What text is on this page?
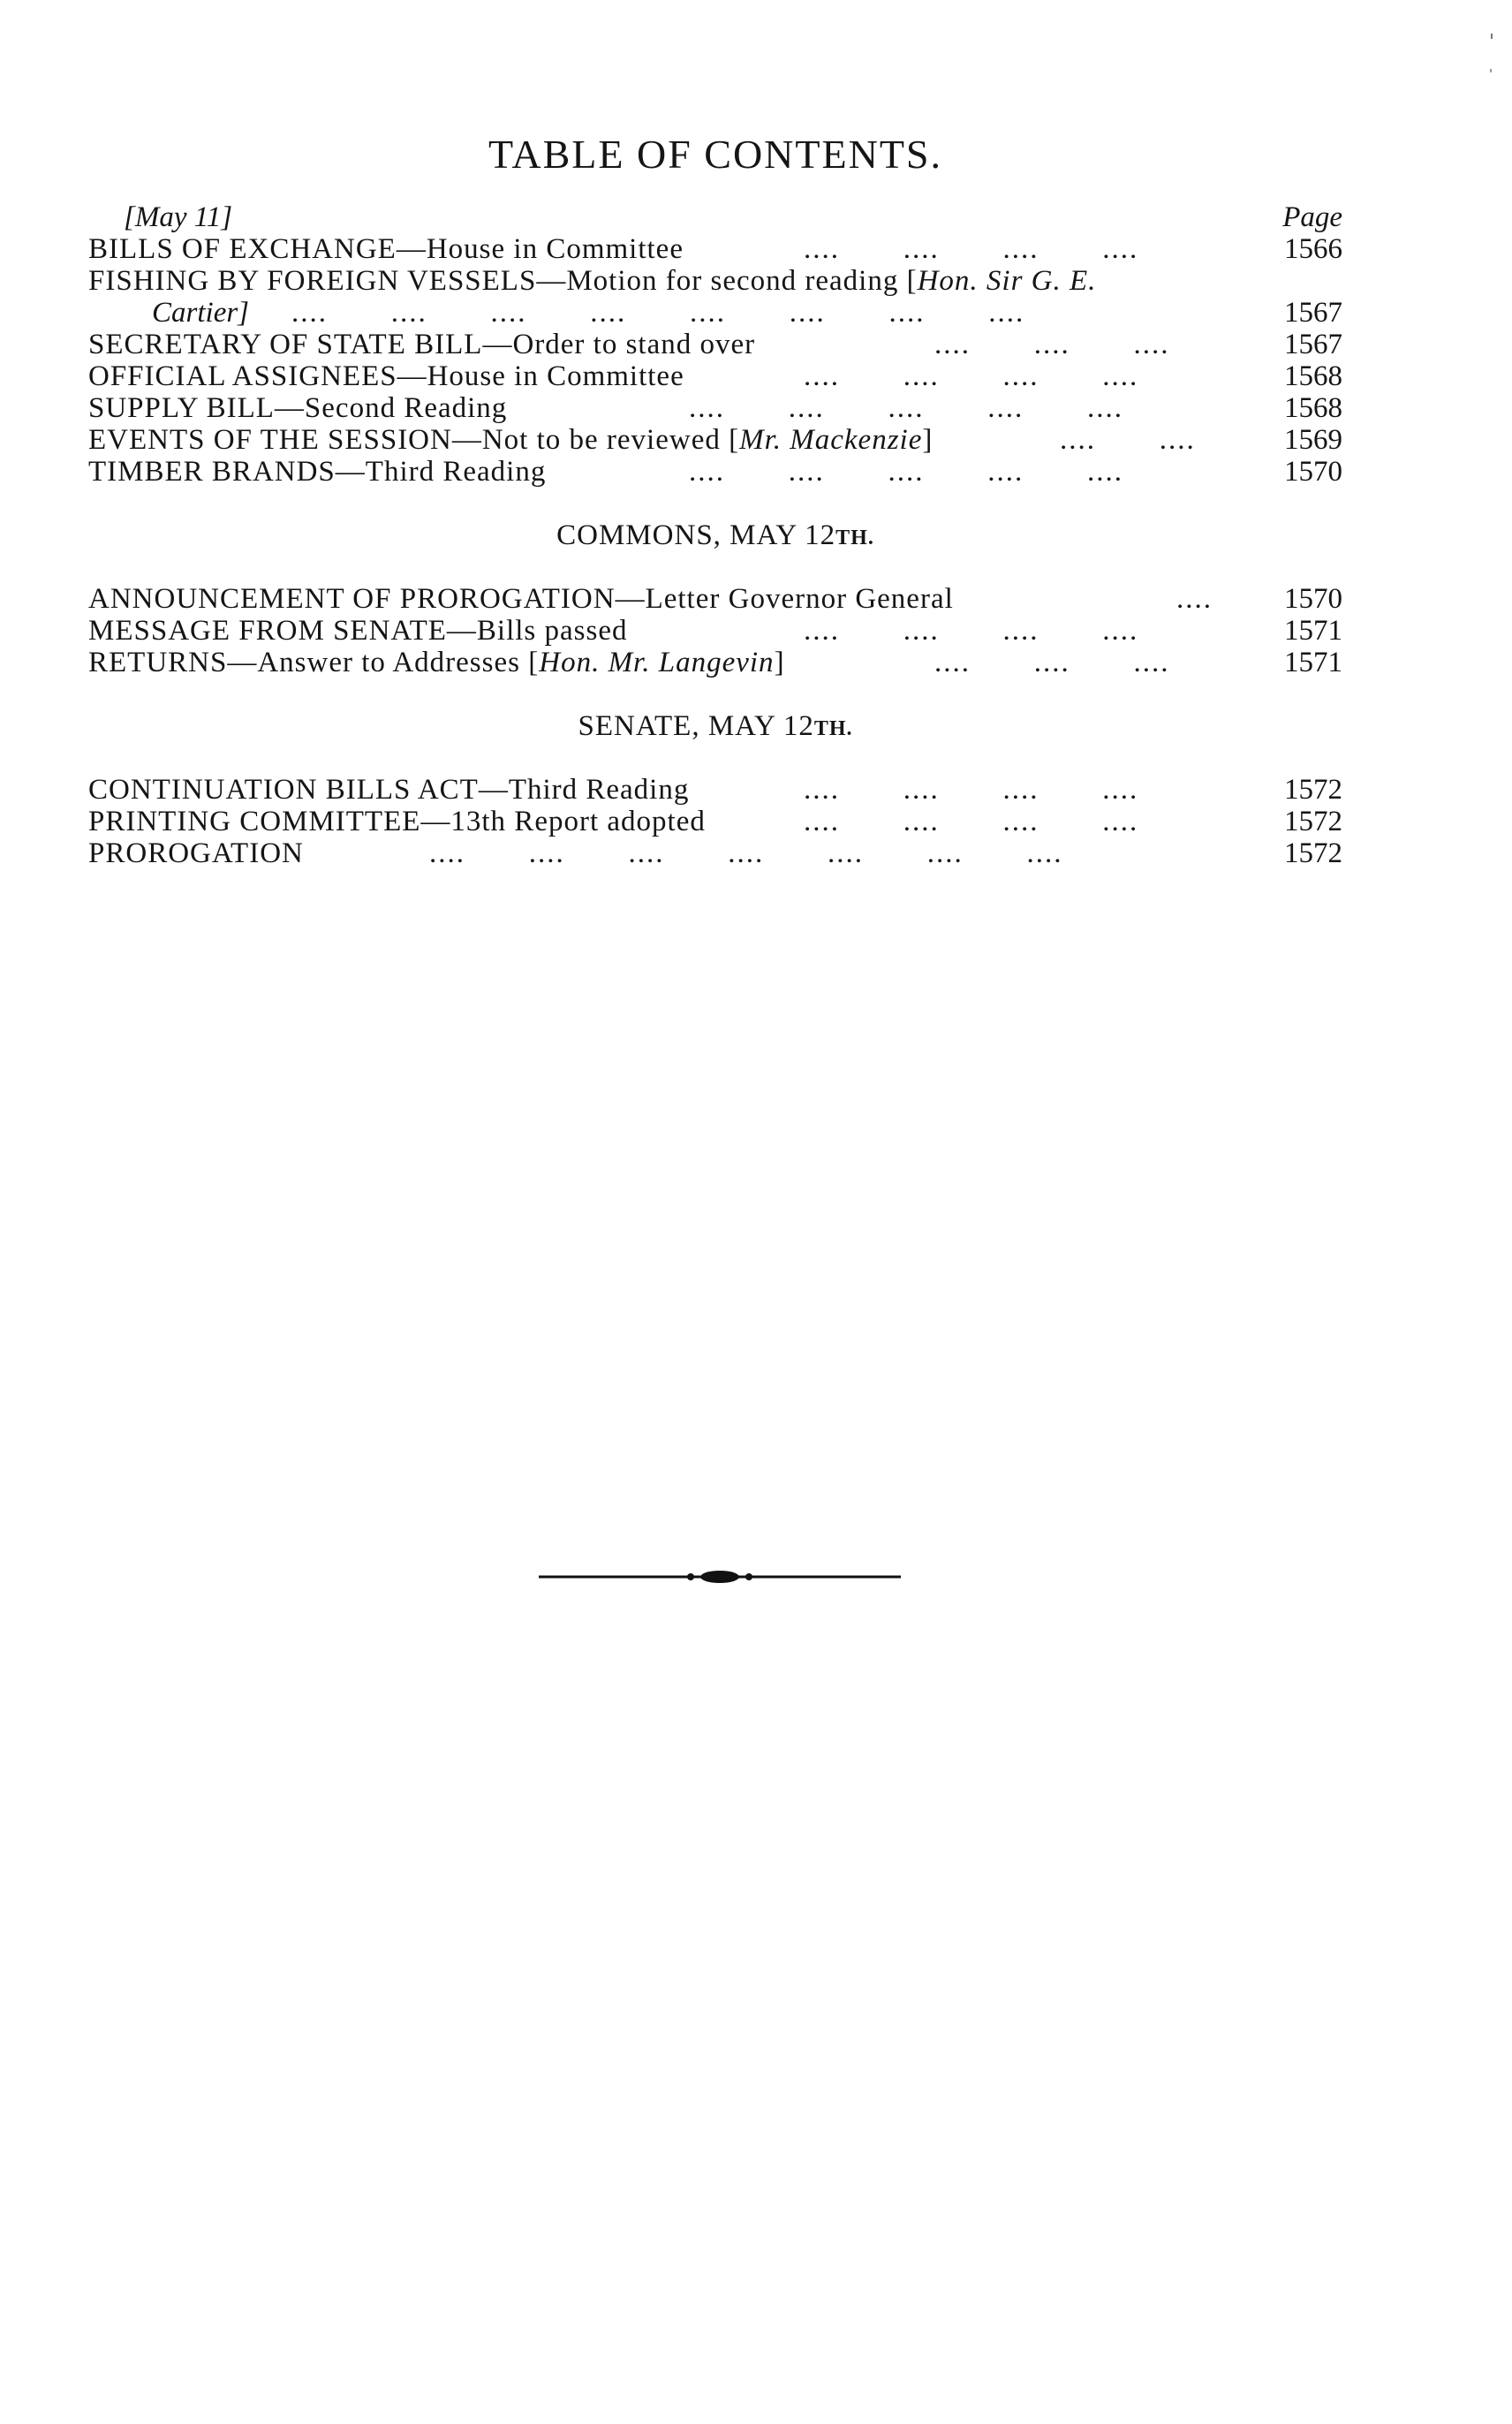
TABLE OF CONTENTS.
[May 11]	Page
BILLS OF EXCHANGE—House in Committee	....       ....       ....       ....	1566
FISHING BY FOREIGN VESSELS—Motion for second reading [Hon. Sir G. E.
Cartier] ....       ....       ....       ....       ....       ....       ....       ....	1567
SECRETARY OF STATE BILL—Order to stand over	....       ....       ....	1567
OFFICIAL ASSIGNEES—House in Committee	....       ....       ....       ....	1568
SUPPLY BILL—Second Reading	....       ....       ....       ....       ....	1568
EVENTS OF THE SESSION—Not to be reviewed [Mr. Mackenzie]	....       ....	1569
TIMBER BRANDS—Third Reading	....       ....       ....       ....       ....	1570
COMMONS, MAY 12TH.
ANNOUNCEMENT OF PROROGATION—Letter Governor General	....	1570
MESSAGE FROM SENATE—Bills passed	....       ....       ....       ....	1571
RETURNS—Answer to Addresses [Hon. Mr. Langevin]	....       ....       ....	1571
SENATE, MAY 12TH.
CONTINUATION BILLS ACT—Third Reading	....       ....       ....       ....	1572
PRINTING COMMITTEE—13th Report adopted	....       ....       ....       ....	1572
PROROGATION	....       ....       ....       ....       ....       ....       ....	1572
